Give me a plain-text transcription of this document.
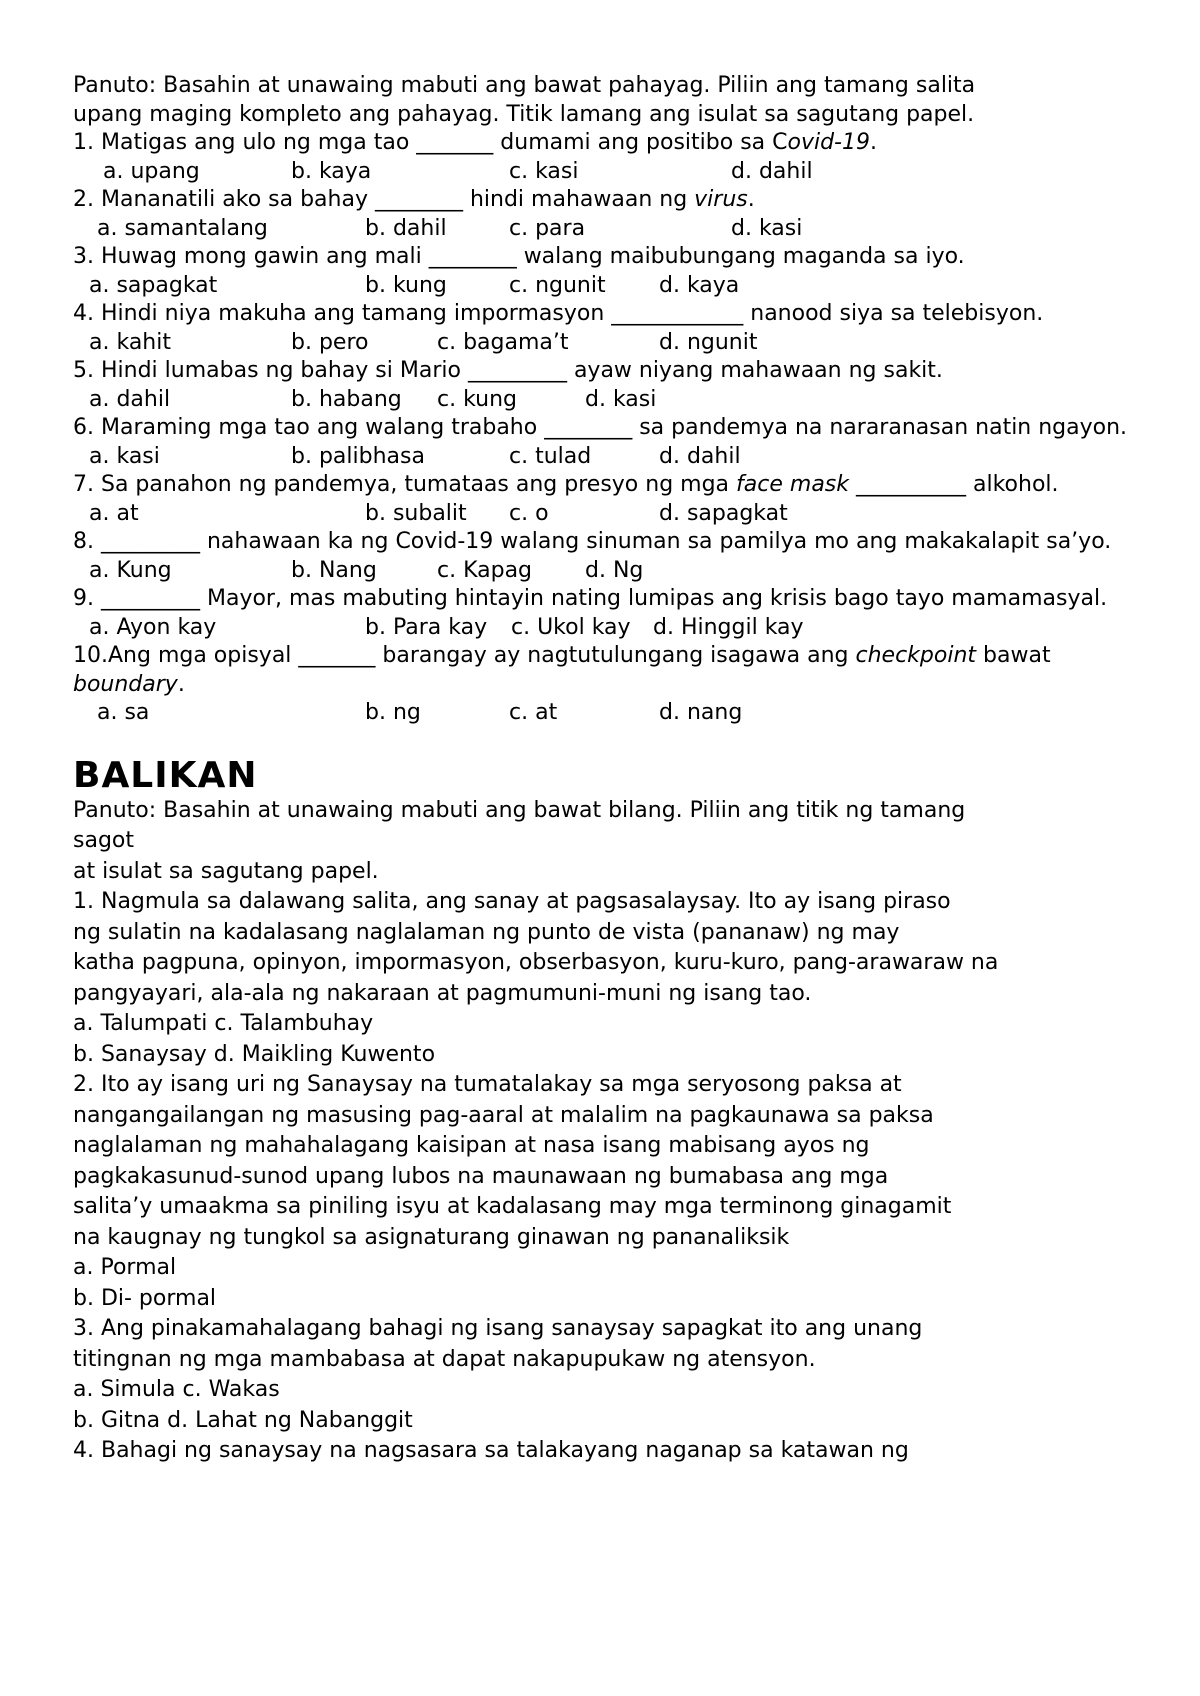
Panuto: Basahin at unawaing mabuti ang bawat pahayag. Piliin ang tamang salita
upang maging kompleto ang pahayag. Titik lamang ang isulat sa sagutang papel.
1. Matigas ang ulo ng mga tao _______ dumami ang positibo sa Covid-19.
a. upang	b. kaya	c. kasi	d. dahil
2. Mananatili ako sa bahay ________ hindi mahawaan ng virus.
a. samantalang	b. dahil	c. para	d. kasi
3. Huwag mong gawin ang mali ________ walang maibubungang maganda sa iyo.
a. sapagkat	b. kung	c. ngunit d. kaya
4. Hindi niya makuha ang tamang impormasyon ____________ nanood siya sa telebisyon.
a. kahit	b. pero	c. bagama’t	d. ngunit
5. Hindi lumabas ng bahay si Mario _________ ayaw niyang mahawaan ng sakit.
a. dahil	b. habang c. kung	d. kasi
6. Maraming mga tao ang walang trabaho ________ sa pandemya na nararanasan natin ngayon.
a. kasi	b. palibhasa	c. tulad	d. dahil
7. Sa panahon ng pandemya, tumataas ang presyo ng mga face mask __________ alkohol.
a. at	b. subalit c. o	d. sapagkat
8. _________ nahawaan ka ng Covid-19 walang sinuman sa pamilya mo ang makakalapit sa’yo.
a. Kung	b. Nang	c. Kapag d. Ng
9. _________ Mayor, mas mabuting hintayin nating lumipas ang krisis bago tayo mamamasyal.
a. Ayon kay	b. Para kay c. Ukol kay d. Hinggil kay
10.Ang mga opisyal _______ barangay ay nagtutulungang isagawa ang checkpoint bawat boundary.
a. sa	b. ng	c. at	d. nang
BALIKAN
Panuto: Basahin at unawaing mabuti ang bawat bilang. Piliin ang titik ng tamang
sagot
at isulat sa sagutang papel.
1. Nagmula sa dalawang salita, ang sanay at pagsasalaysay. Ito ay isang piraso
ng sulatin na kadalasang naglalaman ng punto de vista (pananaw) ng may
katha pagpuna, opinyon, impormasyon, obserbasyon, kuru-kuro, pang-arawaraw na
pangyayari, ala-ala ng nakaraan at pagmumuni-muni ng isang tao.
a. Talumpati c. Talambuhay
b. Sanaysay d. Maikling Kuwento
2. Ito ay isang uri ng Sanaysay na tumatalakay sa mga seryosong paksa at
nangangailangan ng masusing pag-aaral at malalim na pagkaunawa sa paksa
naglalaman ng mahahalagang kaisipan at nasa isang mabisang ayos ng
pagkakasunud-sunod upang lubos na maunawaan ng bumabasa ang mga
salita’y umaakma sa piniling isyu at kadalasang may mga terminong ginagamit
na kaugnay ng tungkol sa asignaturang ginawan ng pananaliksik
a. Pormal
b. Di- pormal
3. Ang pinakamahalagang bahagi ng isang sanaysay sapagkat ito ang unang
titingnan ng mga mambabasa at dapat nakapupukaw ng atensyon.
a. Simula c. Wakas
b. Gitna d. Lahat ng Nabanggit
4. Bahagi ng sanaysay na nagsasara sa talakayang naganap sa katawan ng
